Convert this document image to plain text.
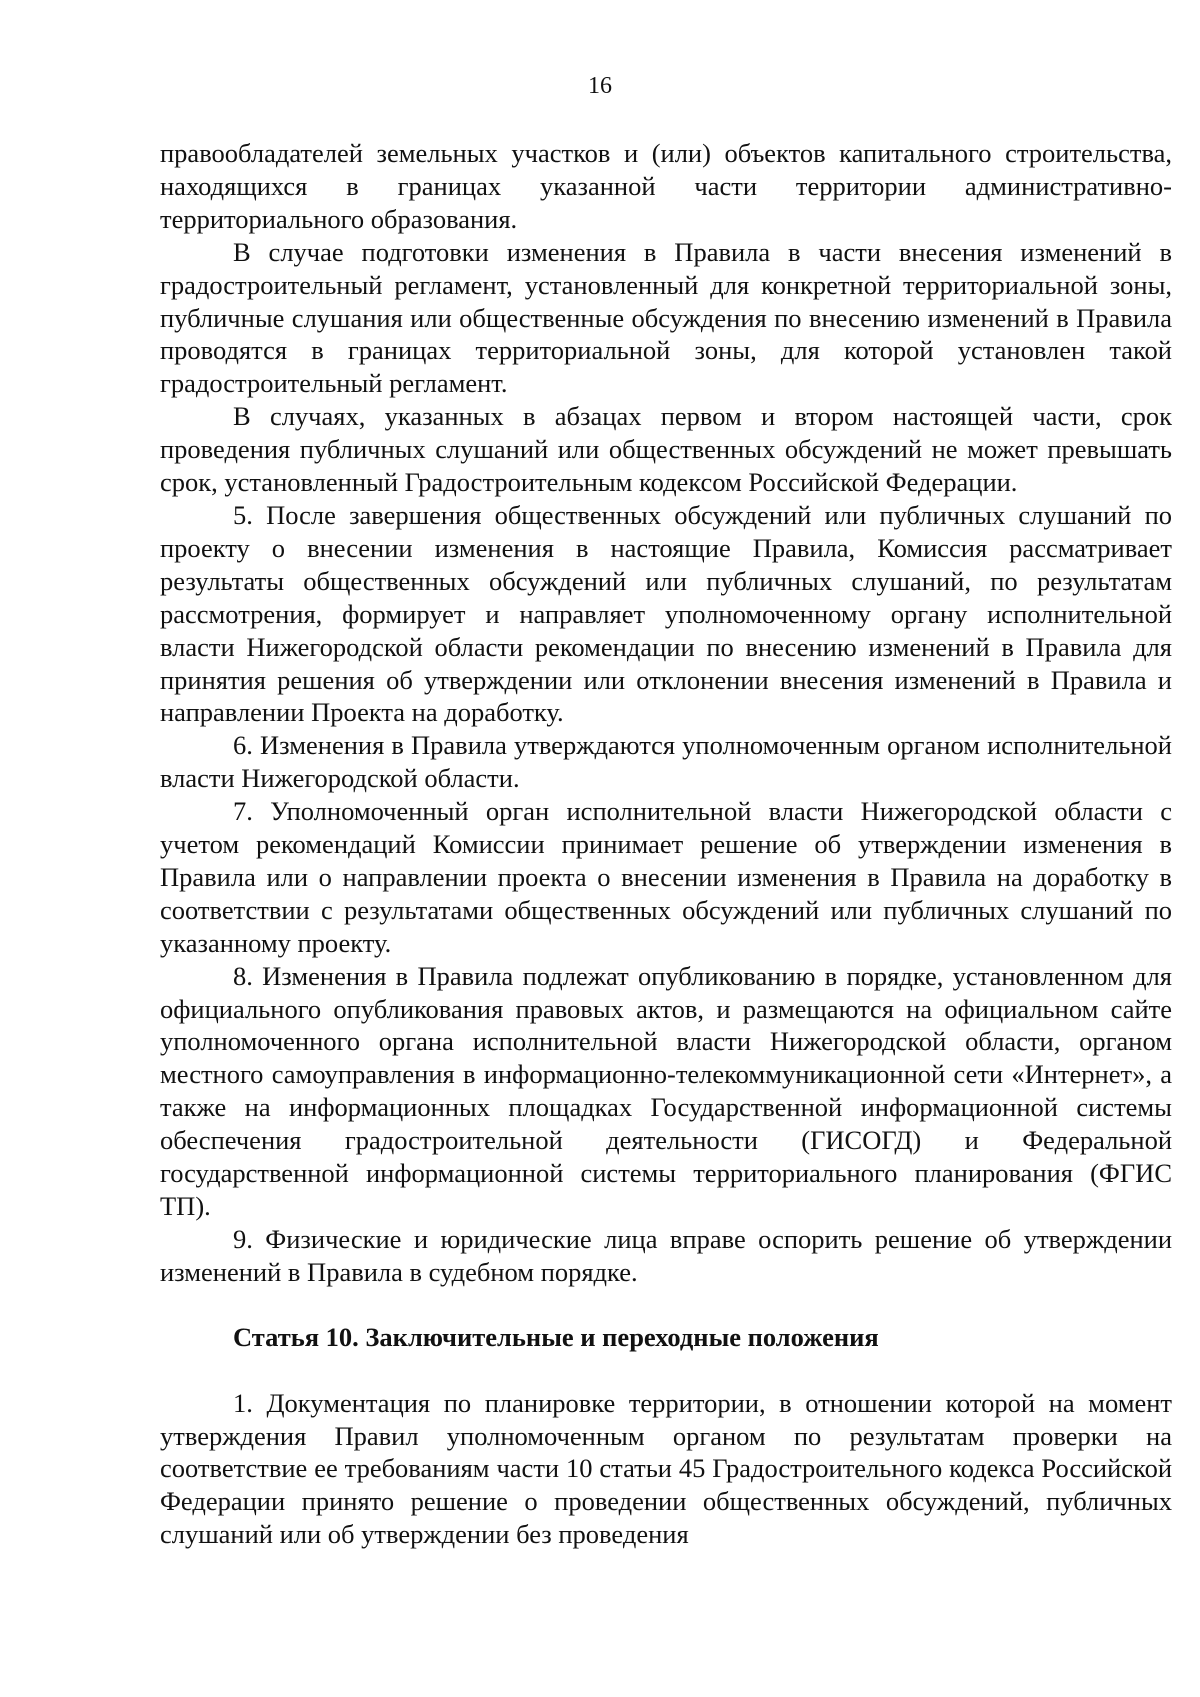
16

правообладателей земельных участков и (или) объектов капитального строительства, находящихся в границах указанной части территории административно-территориального образования.

В случае подготовки изменения в Правила в части внесения изменений в градостроительный регламент, установленный для конкретной территориальной зоны, публичные слушания или общественные обсуждения по внесению изменений в Правила проводятся в границах территориальной зоны, для которой установлен такой градостроительный регламент.

В случаях, указанных в абзацах первом и втором настоящей части, срок проведения публичных слушаний или общественных обсуждений не может превышать срок, установленный Градостроительным кодексом Российской Федерации.

5. После завершения общественных обсуждений или публичных слушаний по проекту о внесении изменения в настоящие Правила, Комиссия рассматривает результаты общественных обсуждений или публичных слушаний, по результатам рассмотрения, формирует и направляет уполномоченному органу исполнительной власти Нижегородской области рекомендации по внесению изменений в Правила для принятия решения об утверждении или отклонении внесения изменений в Правила и направлении Проекта на доработку.

6. Изменения в Правила утверждаются уполномоченным органом исполнительной власти Нижегородской области.

7. Уполномоченный орган исполнительной власти Нижегородской области с учетом рекомендаций Комиссии принимает решение об утверждении изменения в Правила или о направлении проекта о внесении изменения в Правила на доработку в соответствии с результатами общественных обсуждений или публичных слушаний по указанному проекту.

8. Изменения в Правила подлежат опубликованию в порядке, установленном для официального опубликования правовых актов, и размещаются на официальном сайте уполномоченного органа исполнительной власти Нижегородской области, органом местного самоуправления в информационно-телекоммуникационной сети «Интернет», а также на информационных площадках Государственной информационной системы обеспечения градостроительной деятельности (ГИСОГД) и Федеральной государственной информационной системы территориального планирования (ФГИС ТП).

9. Физические и юридические лица вправе оспорить решение об утверждении изменений в Правила в судебном порядке.

Статья 10. Заключительные и переходные положения

1. Документация по планировке территории, в отношении которой на момент утверждения Правил уполномоченным органом по результатам проверки на соответствие ее требованиям части 10 статьи 45 Градостроительного кодекса Российской Федерации принято решение о проведении общественных обсуждений, публичных слушаний или об утверждении без проведения
